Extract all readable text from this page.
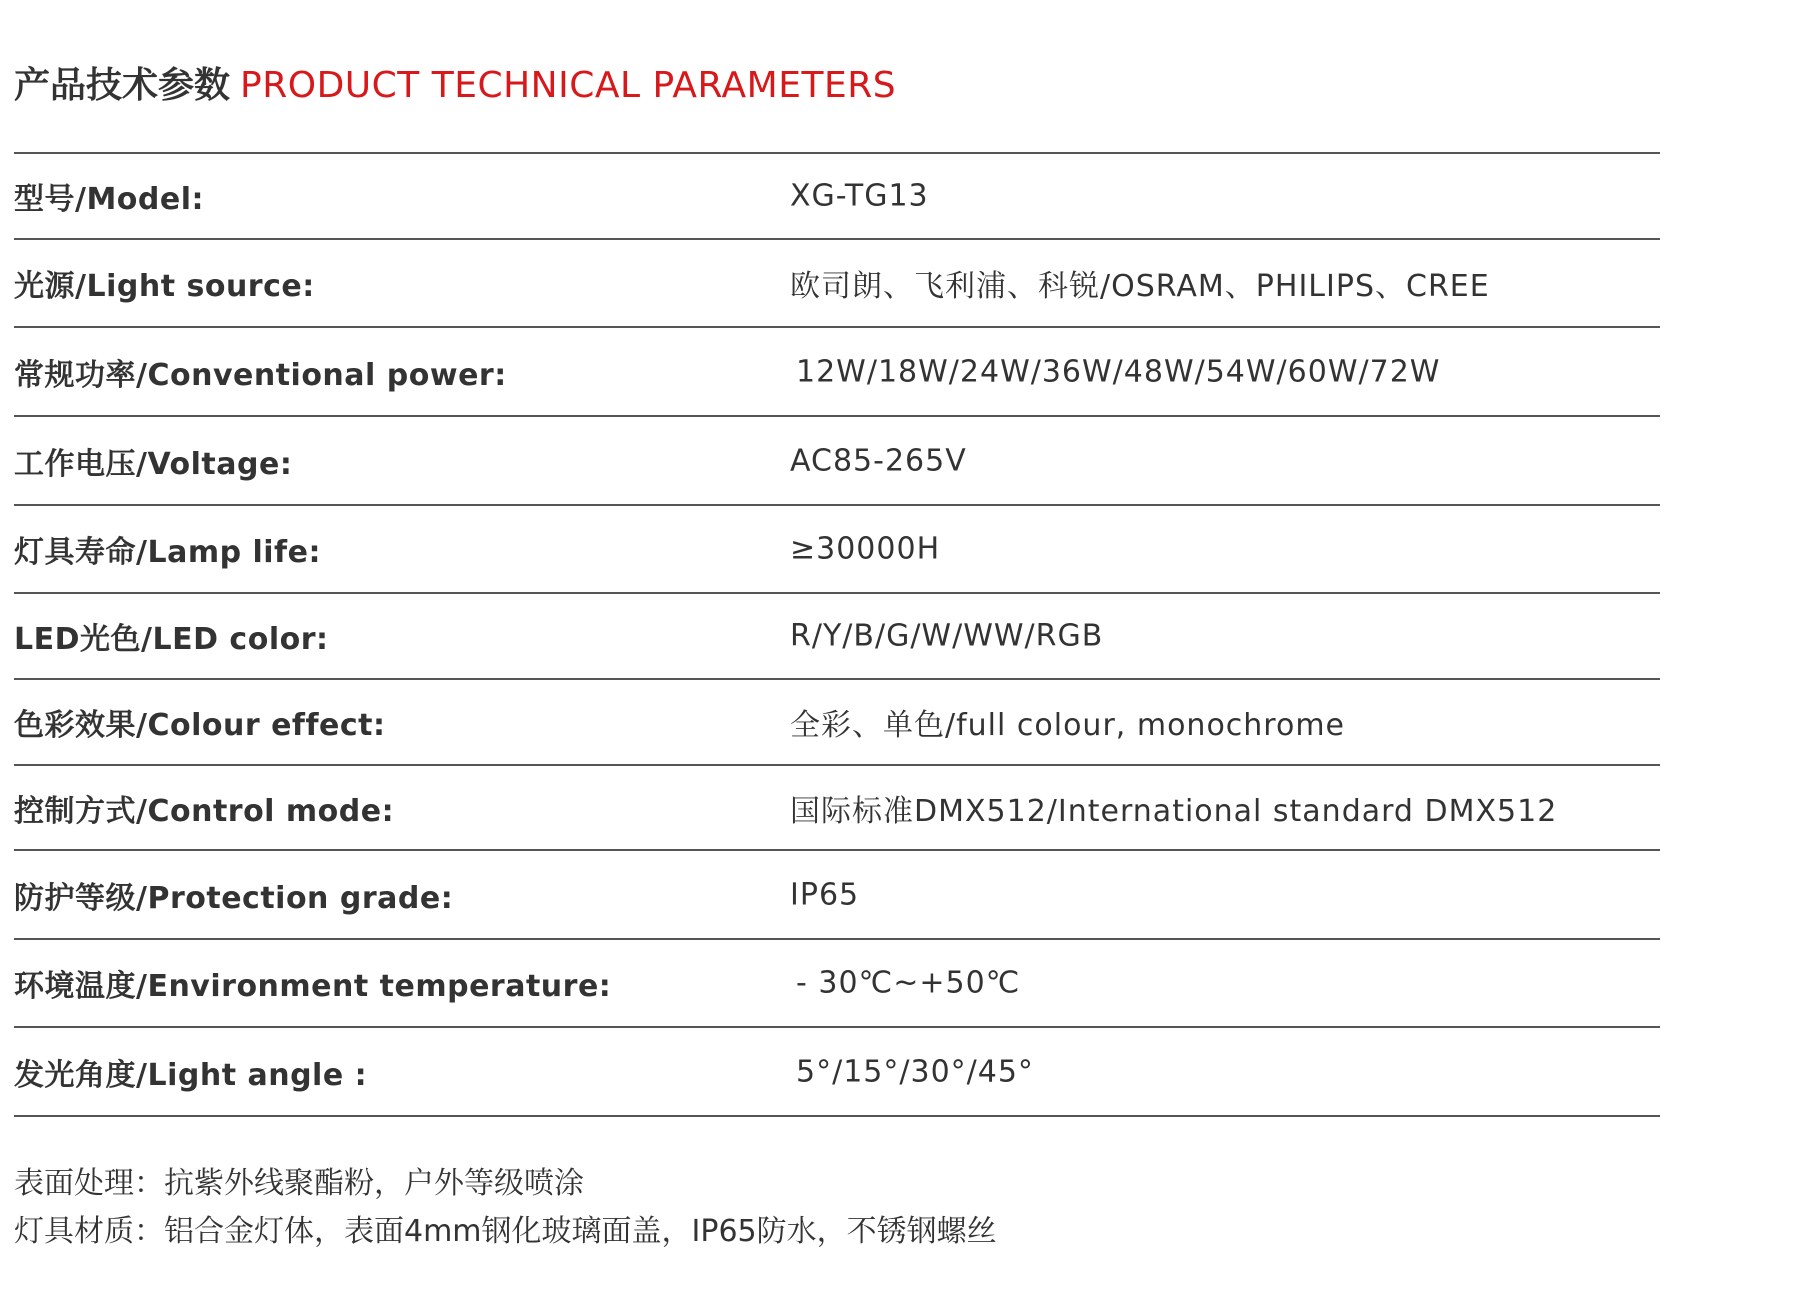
产品技术参数 PRODUCT TECHNICAL PARAMETERS
型号/Model:	XG-TG13
光源/Light source:	欧司朗、飞利浦、科锐/OSRAM、PHILIPS、CREE
常规功率/Conventional power:	12W/18W/24W/36W/48W/54W/60W/72W
工作电压/Voltage:	AC85-265V
灯具寿命/Lamp life:	≥30000H
LED光色/LED color:	R/Y/B/G/W/WW/RGB
色彩效果/Colour effect:	全彩、单色/full colour, monochrome
控制方式/Control mode:	国际标准DMX512/International standard DMX512
防护等级/Protection grade:	IP65
环境温度/Environment temperature:	- 30℃~+50℃
发光角度/Light angle :	5°/15°/30°/45°
表面处理：抗紫外线聚酯粉，户外等级喷涂
灯具材质：铝合金灯体，表面4mm钢化玻璃面盖，IP65防水，不锈钢螺丝
